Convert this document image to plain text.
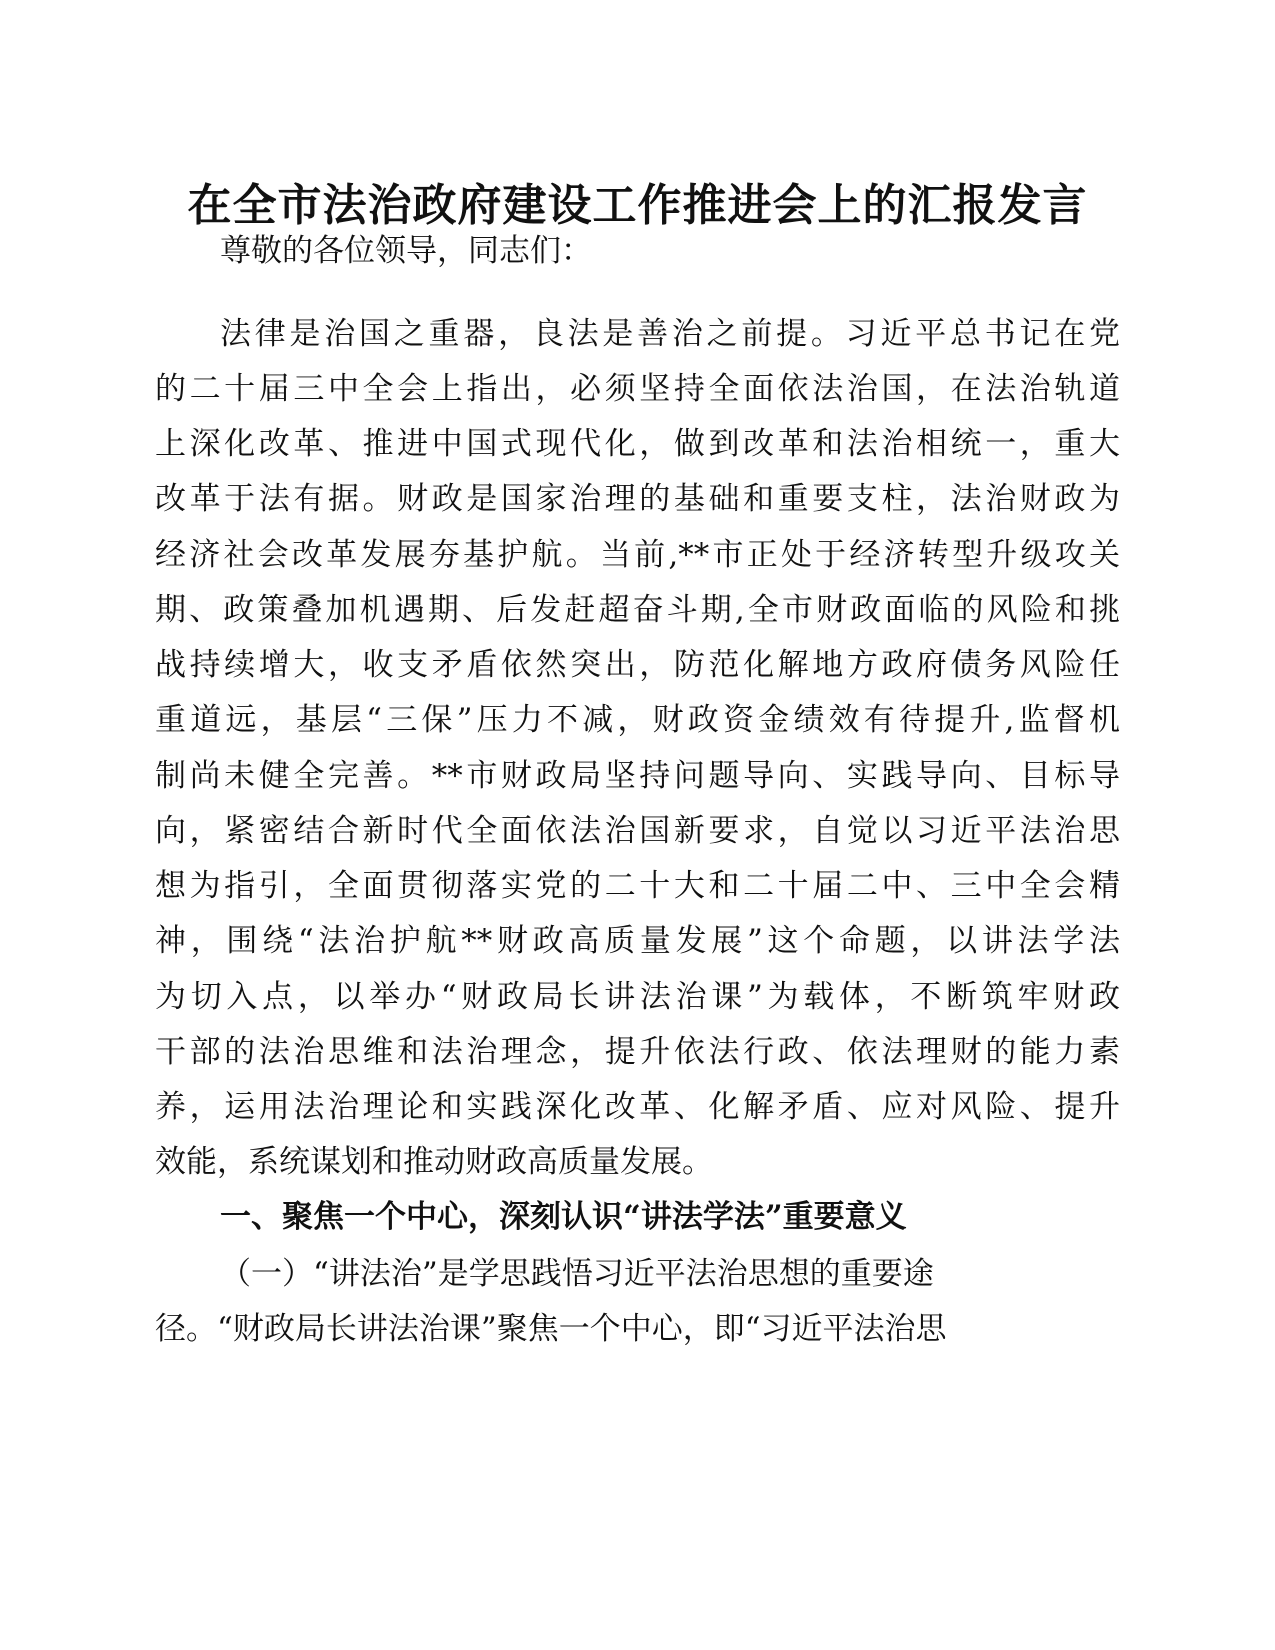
在全市法治政府建设工作推进会上的汇报发言
尊敬的各位领导，同志们：
法律是治国之重器，良法是善治之前提。习近平总书记在党
的二十届三中全会上指出，必须坚持全面依法治国，在法治轨道
上深化改革、推进中国式现代化，做到改革和法治相统一，重大
改革于法有据。财政是国家治理的基础和重要支柱，法治财政为
经济社会改革发展夯基护航。当前,**市正处于经济转型升级攻关
期、政策叠加机遇期、后发赶超奋斗期,全市财政面临的风险和挑
战持续增大，收支矛盾依然突出，防范化解地方政府债务风险任
重道远，基层“三保”压力不减，财政资金绩效有待提升,监督机
制尚未健全完善。**市财政局坚持问题导向、实践导向、目标导
向，紧密结合新时代全面依法治国新要求，自觉以习近平法治思
想为指引，全面贯彻落实党的二十大和二十届二中、三中全会精
神，围绕“法治护航**财政高质量发展”这个命题，以讲法学法
为切入点，以举办“财政局长讲法治课”为载体，不断筑牢财政
干部的法治思维和法治理念，提升依法行政、依法理财的能力素
养，运用法治理论和实践深化改革、化解矛盾、应对风险、提升
效能，系统谋划和推动财政高质量发展。
一、聚焦一个中心，深刻认识“讲法学法”重要意义
（一）“讲法治”是学思践悟习近平法治思想的重要途
径。“财政局长讲法治课”聚焦一个中心，即“习近平法治思
